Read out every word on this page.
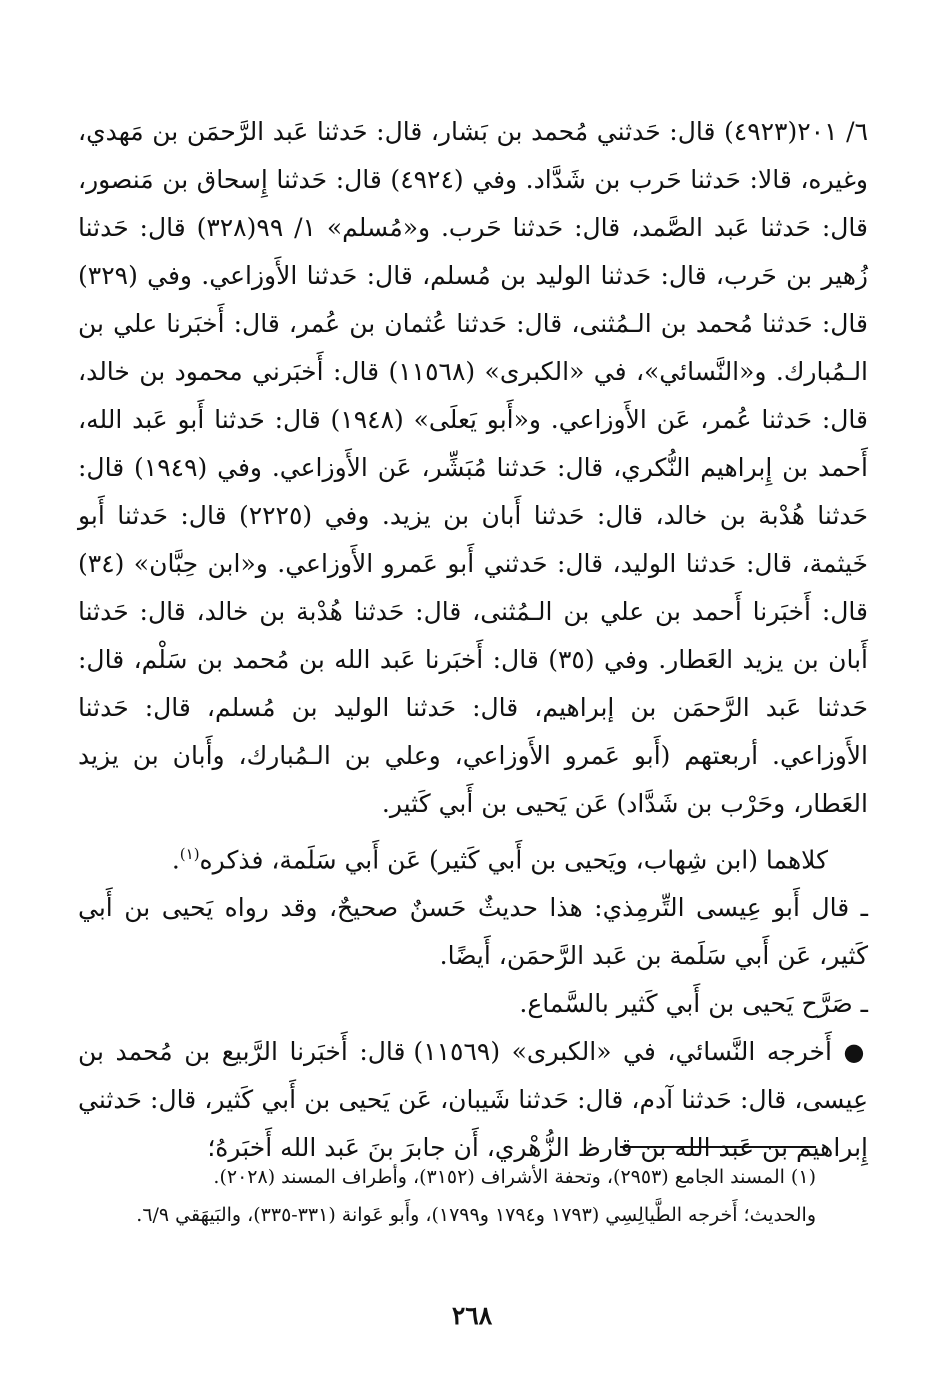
٦/ ٢٠١(٤٩٢٣) قال: حَدثني مُحمد بن بَشار، قال: حَدثنا عَبد الرَّحمَن بن مَهدي، وغيره، قالا: حَدثنا حَرب بن شَدَّاد. وفي (٤٩٢٤) قال: حَدثنا إِسحاق بن مَنصور، قال: حَدثنا عَبد الصَّمد، قال: حَدثنا حَرب. و«مُسلم» ١/ ٩٩(٣٢٨) قال: حَدثنا زُهير بن حَرب، قال: حَدثنا الوليد بن مُسلم، قال: حَدثنا الأَوزاعي. وفي (٣٢٩) قال: حَدثنا مُحمد بن الـمُثنى، قال: حَدثنا عُثمان بن عُمر، قال: أَخبَرنا علي بن الـمُبارك. و«النَّسائي»، في «الكبرى» (١١٥٦٨) قال: أَخبَرني محمود بن خالد، قال: حَدثنا عُمر، عَن الأَوزاعي. و«أَبو يَعلَى» (١٩٤٨) قال: حَدثنا أَبو عَبد الله، أَحمد بن إِبراهيم النُّكري، قال: حَدثنا مُبَشِّر، عَن الأَوزاعي. وفي (١٩٤٩) قال: حَدثنا هُدْبة بن خالد، قال: حَدثنا أَبان بن يزيد. وفي (٢٢٢٥) قال: حَدثنا أَبو خَيثمة، قال: حَدثنا الوليد، قال: حَدثني أَبو عَمرو الأَوزاعي. و«ابن حِبَّان» (٣٤) قال: أَخبَرنا أَحمد بن علي بن الـمُثنى، قال: حَدثنا هُدْبة بن خالد، قال: حَدثنا أَبان بن يزيد العَطار. وفي (٣٥) قال: أَخبَرنا عَبد الله بن مُحمد بن سَلْم، قال: حَدثنا عَبد الرَّحمَن بن إبراهيم، قال: حَدثنا الوليد بن مُسلم، قال: حَدثنا الأَوزاعي. أربعتهم (أَبو عَمرو الأَوزاعي، وعلي بن الـمُبارك، وأَبان بن يزيد العَطار، وحَرْب بن شَدَّاد) عَن يَحيى بن أَبي كَثير.

كلاهما (ابن شِهاب، ويَحيى بن أَبي كَثير) عَن أَبي سَلَمة، فذكره$^{(١)}$.

ـ قال أَبو عِيسى التِّرمِذي: هذا حديثٌ حَسنٌ صحيحٌ، وقد رواه يَحيى بن أَبي كَثير، عَن أَبي سَلَمة بن عَبد الرَّحمَن، أَيضًا.

ـ صَرَّح يَحيى بن أَبي كَثير بالسَّماع.

● أَخرجه النَّسائي، في «الكبرى» (١١٥٦٩) قال: أَخبَرنا الرَّبيع بن مُحمد بن عِيسى، قال: حَدثنا آدم، قال: حَدثنا شَيبان، عَن يَحيى بن أَبي كَثير، قال: حَدثني إِبراهيم بن عَبد الله بن قارظ الزُّهْري، أَن جابرَ بنَ عَبد الله أَخبَرهُ؛

(١) المسند الجامع (٢٩٥٣)، وتحفة الأشراف (٣١٥٢)، وأطراف المسند (٢٠٢٨).

والحديث؛ أَخرجه الطَّيالِسِي (١٧٩٣ و١٧٩٤ و١٧٩٩)، وأَبو عَوانة (٣٣١-٣٣٥)، والبَيهَقي ٦/٩.

٢٦٨
